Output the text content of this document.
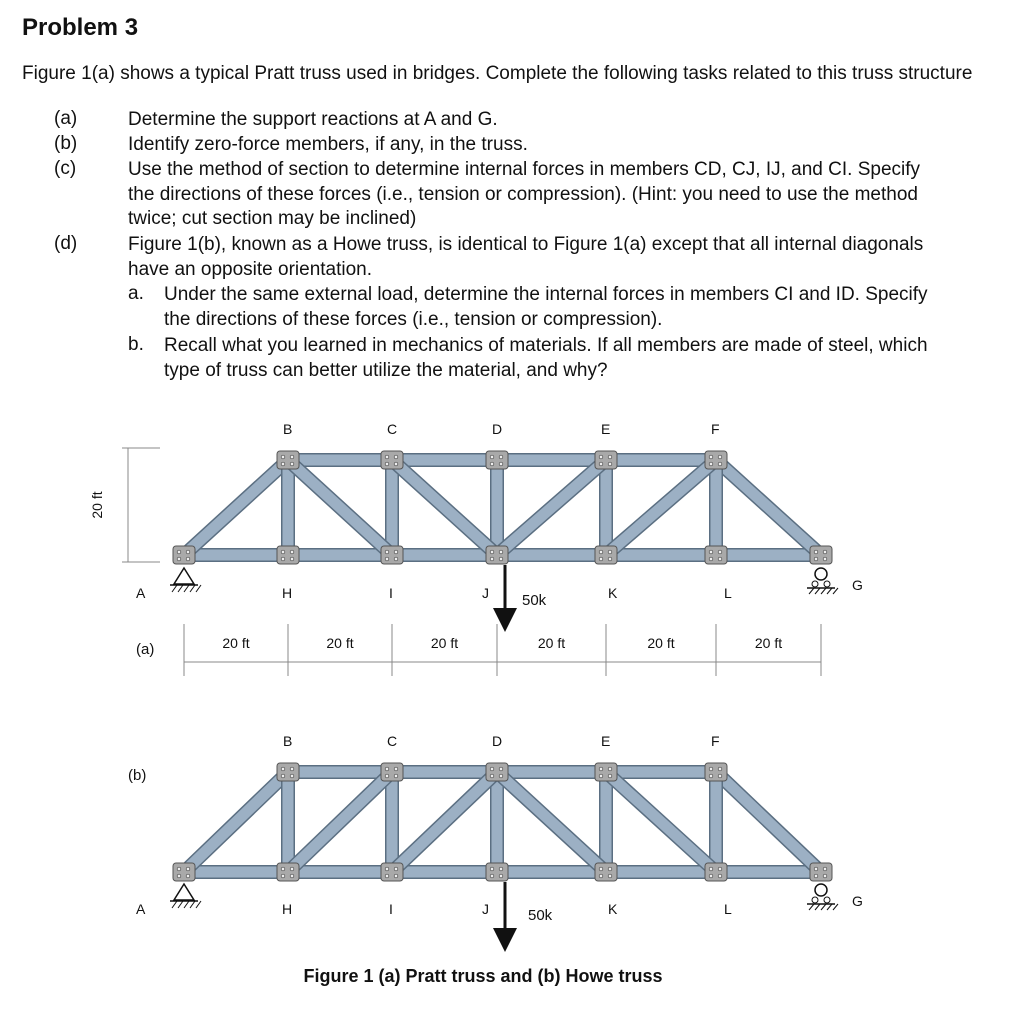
Problem 3
Figure 1(a) shows a typical Pratt truss used in bridges. Complete the following tasks related to this truss structure
(a)	Determine the support reactions at A and G.
(b)	Identify zero-force members, if any, in the truss.
(c)	Use the method of section to determine internal forces in members CD, CJ, IJ, and CI. Specify the directions of these forces (i.e., tension or compression). (Hint: you need to use the method twice; cut section may be inclined)
(d)	Figure 1(b), known as a Howe truss, is identical to Figure 1(a) except that all internal diagonals have an opposite orientation.
a. Under the same external load, determine the internal forces in members CI and ID. Specify the directions of these forces (i.e., tension or compression).
b. Recall what you learned in mechanics of materials. If all members are made of steel, which type of truss can better utilize the material, and why?
B	C	D	E	F
A	H	I	J	K	L	G
50k
20 ft	20 ft	20 ft	20 ft	20 ft	20 ft
B	C	D	E	F
A	H	I	J	K	L	G
50k
(a)
(b)
20 ft
Figure 1 (a) Pratt truss and (b) Howe truss
